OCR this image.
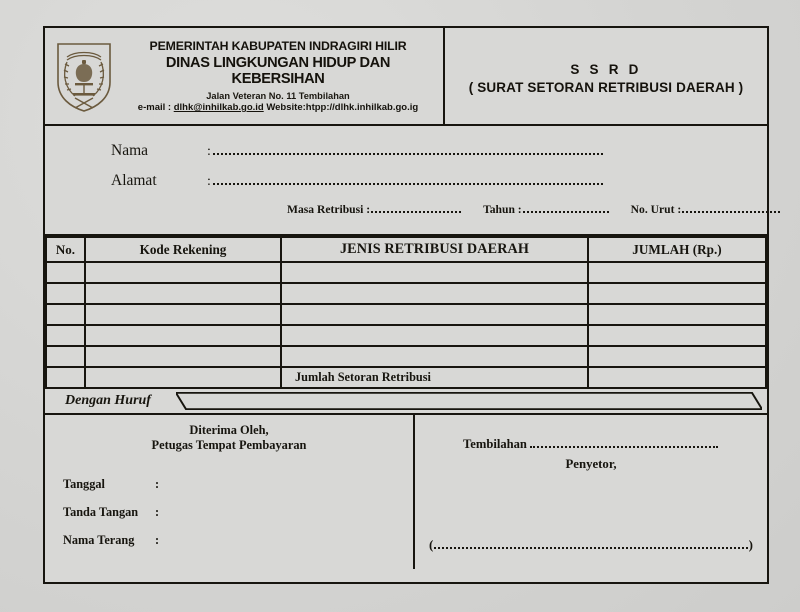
PEMERINTAH KABUPATEN INDRAGIRI HILIR
DINAS LINGKUNGAN HIDUP DAN KEBERSIHAN
Jalan Veteran No. 11 Tembilahan
e-mail : dlhk@inhilkab.go.id Website:htpp://dlhk.inhilkab.go.ig
S S R D
( SURAT SETORAN RETRIBUSI DAERAH )
Nama	:
Alamat	:
Masa Retribusi :	Tahun :	No. Urut :
No.	Kode Rekening	JENIS RETRIBUSI DAERAH	JUMLAH (Rp.)

		Jumlah Setoran Retribusi	
Dengan Huruf
Diterima Oleh,
Petugas Tempat Pembayaran
Tanggal	:
Tanda Tangan	:
Nama Terang	:
Tembilahan
Penyetor,
(	)
